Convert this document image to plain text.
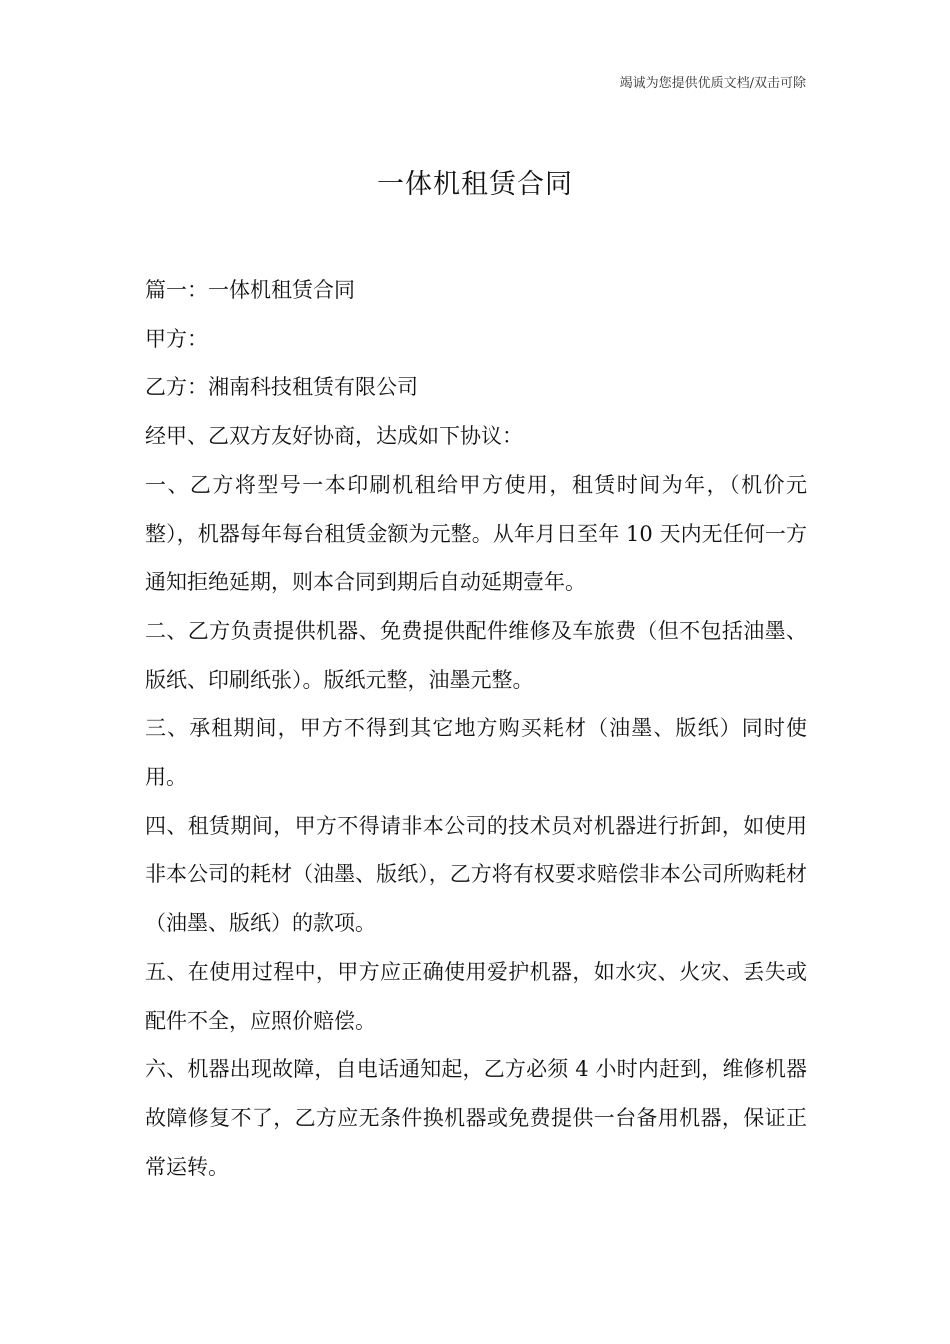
竭诚为您提供优质文档/双击可除
一体机租赁合同

篇一：一体机租赁合同

甲方：

乙方：湘南科技租赁有限公司

经甲、乙双方友好协商，达成如下协议：

一、乙方将型号一本印刷机租给甲方使用，租赁时间为年，（机价元整），机器每年每台租赁金额为元整。从年月日至年 10 天内无任何一方通知拒绝延期，则本合同到期后自动延期壹年。

二、乙方负责提供机器、免费提供配件维修及车旅费（但不包括油墨、版纸、印刷纸张）。版纸元整，油墨元整。

三、承租期间，甲方不得到其它地方购买耗材（油墨、版纸）同时使用。

四、租赁期间，甲方不得请非本公司的技术员对机器进行折卸，如使用非本公司的耗材（油墨、版纸），乙方将有权要求赔偿非本公司所购耗材（油墨、版纸）的款项。

五、在使用过程中，甲方应正确使用爱护机器，如水灾、火灾、丢失或配件不全，应照价赔偿。

六、机器出现故障，自电话通知起，乙方必须 4 小时内赶到，维修机器故障修复不了，乙方应无条件换机器或免费提供一台备用机器，保证正常运转。
